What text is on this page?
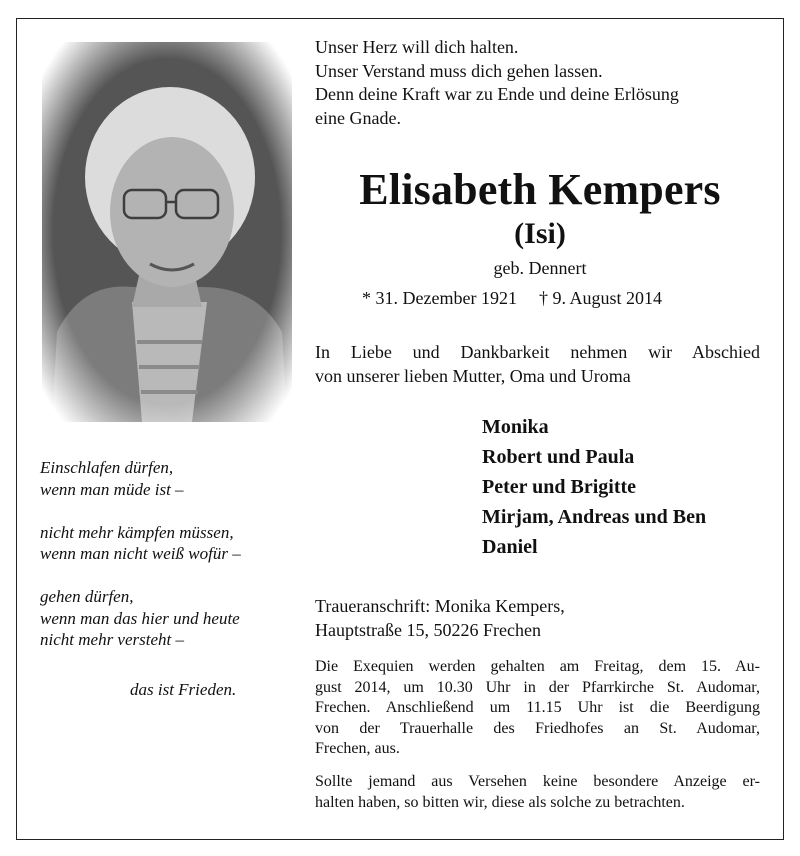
Unser Herz will dich halten.
Unser Verstand muss dich gehen lassen.
Denn deine Kraft war zu Ende und deine Erlösung
eine Gnade.
Elisabeth Kempers
(Isi)
geb. Dennert
* 31. Dezember 1921 † 9. August 2014
In Liebe und Dankbarkeit nehmen wir Abschied
von unserer lieben Mutter, Oma und Uroma
Monika
Robert und Paula
Peter und Brigitte
Mirjam, Andreas und Ben
Daniel
Einschlafen dürfen,
wenn man müde ist –
nicht mehr kämpfen müssen,
wenn man nicht weiß wofür –
gehen dürfen,
wenn man das hier und heute
nicht mehr versteht –
das ist Frieden.
Traueranschrift: Monika Kempers,
Hauptstraße 15, 50226 Frechen
Die Exequien werden gehalten am Freitag, dem 15. Au-
gust 2014, um 10.30 Uhr in der Pfarrkirche St. Audomar,
Frechen. Anschließend um 11.15 Uhr ist die Beerdigung
von der Trauerhalle des Friedhofes an St. Audomar,
Frechen, aus.
Sollte jemand aus Versehen keine besondere Anzeige er-
halten haben, so bitten wir, diese als solche zu betrachten.
